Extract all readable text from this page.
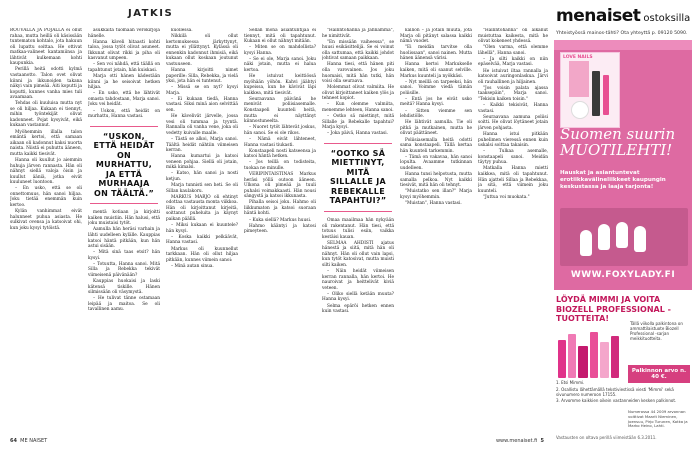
JATKIS

ROUVALLA JA POJALLA ei ollut rahaa, mutta heillä oli käsissään tuntematon kohtalo, jota hakuun oli lupattu soittaa. He ottivat matkaa-valineet kantamiinsa ja lähtivät kulkemaan kohti kaupunkia.

Perillä heitä odotti kylmä vastaanotto. Talon ovet olivat kiinni ja ikkunoiden takana näkyi vain pimeää. Äiti koputti ja koputti, kunnes vanha mies tuli avaamaan.

Tehdas oli kuuluisa mutta nyt se oli hiljaa. Kukaan ei tiennyt, mihin työntekijät olivat kadonneet. Pojat kysyivät, eikä kukaan vastannut.

Myöhemmin illalla talon emäntä kertoi, että samaan aikaan oli kadonnut kaksi nuorta naista. Niistä ei puhuttu ääneen, mutta kaikki tiesivät.

Hanna oli kuullut jo aiemmin huhuja järven rannasta. Hän oli nähnyt siellä valoja öisin ja kuullut ääniä, jotka eivät kuuluneet luontoon.

– En usko, että se oli onnettomuus, hän sanoi hiljaa. Joku tietää enemmän kuin kertoo.

Kylän vanhimmat eivät halunneet puhua asiasta. He sulkivat ovensa ja katsoivat ohi, kun joku kysyi tytöistä.

asukkaita tuomaan verokirjoja hänelle.

Hanna käveli hitaasti kohti taloa, jossa tytöt olivat asuneet. Ikkunat olivat rikki ja piha oli kasvanut umpeen.

– Sen voi nähdä, että täällä on tapahtunut jotain, hän kuiskasi.

Marja otti hänen kädestään kiinni ja he seisoivat hetken hiljaa.

– En usko, että he lähtivät omasta tahdostaan, Marja sanoi. Joku vei heidät.

– Uskon, että heidät on murhattu, Hanna vastasi.

“USKON, ETTÄ HEIDÄT ON MURHATTU, JA ETTÄ MURHAAJA ON TÄÄLTÄ.”

mentä kotiaan ja kirjoitti kaiken muistiin. Hän halusi, että joku muistaisi tytöt.

Aamulla hän heräsi varhain ja lähti uudelleen kylälle. Kauppias katsoi häntä pitkään, kun hän astui sisään.

– Mitä sinä taas etsit? hän kysyi.

– Totuutta, Hanna sanoi. Mitä Silla ja Rebekka tekivät viimeisenä päivänään?

Kauppias huokaisi ja laski kätensä tiskille. Hänen silmissään oli väsymystä.

– He tulivat tänne ostamaan leipää ja maitoa. Se oli tavallinen aamu.

kuollessa.

Nikkilä oli ollut kertomuksessa järkyttynyt, mutta ei yllättynyt. Kylässä oli ennenkin kadonnut ihmisiä, eikä kukaan ollut koskaan joutunut vastuuseen.

Hanna kirjoitti nimet paperille: Silla, Rebekka, ja vielä yksi, jota hän ei tuntenut.

– Missä se on nyt? kysyi Marja.

– Ei kukaan tiedä, Hanna vastasi. Siksi minä aion selvittää sen.

He kävelivät järvelle, jossa vesi oli tummaa ja tyyntä. Rannalla oli vanha vene, joka oli vedetty kuivalle maalle.

– Tästä se alkoi, Marja sanoi. Täältä heidät nähtiin viimeisen kerran.

Hanna kumartui ja katsoi veneen pohjaa. Siellä oli jotain, mikä kimalsi.

– Katso, hän sanoi ja nosti ketjun.

Marja tunnisti sen heti. Se oli Sillan kaulakoru.

MARKUS MARJO oli ehtinyt odottaa vastausta monta viikkoa. Hän oli kirjoittanut kirjeitä, soittanut puheluita ja käynyt paikan päällä.

– Miksi kukaan ei kuuntele? hän kysyi.

– Koska kaikki pelkäävät, Hanna vastasi.

Markus oli kuunnellut tarkkaan. Hän oli ollut hiljaa pitkään, kunnes viimein sanoi:

– Minä autan sinua.

Sellan mona asiantuntijaa ei tiennyt, mitä oli tapahtunut. Kukaan ei ollut nähnyt mitään.

– Miten se on mahdollista? kysyi Hanna.

– Se ei ole, Marja sanoi. Joku näki jotain, mutta ei halua kertoa.

He istuivat keittiössä myöhään yöhön. Kahvi jäähtyi kupeissa, kun he kävivät läpi kaikkea, mitä tiesivät.

Seuraavana päivänä he menivät poliisiasemalle. Konstaapeli kuunteli heitä, mutta ei näyttänyt kiinnostuneelta.

– Nuoret tytöt lähtevät joskus, hän sanoi. Se ei ole rikos.

– Nämä eivät lähteneet, Hanna vastasi tiukasti.

Konstaapeli nosti katseensa ja katsoi häntä hetken.

– Jos teillä on todisteita, tuokaa ne minulle.

VERIPINTAISTINAS Markus heräsi yöllä outoon ääneen. Ulkona oli pimeää ja tuuli puhalsi voimakkaasti. Hän nousi sängystä ja katsoi ikkunasta.

Pihalla seisoi joku. Hahmo oli liikkumaton ja katsoi suoraan häntä kohti.

– Kuka siellä? Markus huusi.

Hahmo kääntyi ja katosi pimeyteen.

"Hallintohanna ja Jahnamma", he nimittivät.

"En missään vaiheessa", se huusi esikäsittelijä. Se ei voinut olla sattumaa, että kaikki johdot johtivat samaan paikkaan.

Hanna tiesi, että hänen piti olla varovainen. Jos joku huomaisi, mitä hän tutki, hän voisi olla seuraava.

Molemmat olivat valmiita. He olivat kirjoittaneet kaiken ylös ja tehneet kopiot.

– Kun olemme valmiita, menemme lehteen, Hanna sanoi.

– Ootko sä miettinyt, mitä Sillalle ja Rebekalle tapahtui? Marja kysyi.

– Joka päivä, Hanna vastasi.

“OOTKO SÄ MIETTINYT, MITÄ SILLALLE JA REBEKALLE TAPAHTUI?”

Omaa maailmaa hän nykyään oli rakentanut. Hän tiesi, että totuus tulisi esiin, vaikka kestäisi kauan.

SELMAA AHDISTI ajatus hänestä ja siitä, mitä hän oli nähnyt. Hän oli ollut vain lapsi, kun tytöt katosivat, mutta muisti silti kaiken.

– Näin heidät viimeisen kerran rannalla, hän kertoi. He nauroivat ja heittelivät kiviä veteen.

– Oliko siellä ketään muuta? Hanna kysyi.

Selma epäröi hetken ennen kuin vastasi.

kallion – ja jotain muuta, jota Marja oli pitänyt salassa kaikki nämä vuodet.

"Ei meidän tarvitse olla huolissaan", sanoi nainen. Mutta hänen äänensä värisi.

Hanna kertoi Markukselle kaiken, mitä oli saanut selville. Markus kuunteli ja nyökkäsi.

– Nyt meillä on tarpeeksi, hän sanoi. Voimme viedä tämän poliisille.

– Entä jos he eivät usko meitä? Hanna kysyi.

– Sitten viemme sen lehdistölle.

He lähtivät aamulla. Tie oli pitkä ja mutkainen, mutta he olivat päättäneet.

Poliisiasemalla heitä odotti sama konstaapeli. Tällä kertaa hän kuunteli tarkemmin.

– Tämä on vakavaa, hän sanoi lopulta. Avaamme tutkinnan uudelleen.

Hanna tunsi helpotusta, mutta samalla pelkoa. Nyt kaikki tiesivät, mitä hän oli tehnyt.

"Muistatko sen illan?" Marja kysyi myöhemmin.

"Muistan", Hanna vastasi.

"Hallintohanna" oli alkanut muistuttaa kaikesta, mitä he olivat kokeneet yhdessä.

"Olen varma, että olemme lähellä", Hanna sanoi.

– Ja silti kaikki on niin epäselvää, Marja vastasi.

He istuivat iltaa rannalla ja katsoivat auringonlaskua. Järvi oli rauhallinen ja hiljainen.

"Jos voisin palata ajassa taaksepäin", Marja sanoi. "Tekisin kaiken toisin."

– Kaikki tekisivät, Hanna vastasi.

Seuraavana aamuna poliisi soitti. He olivat löytäneet jotain järven pohjasta.

Hanna istui pitkään puhelimen vieressä ennen kuin uskalsi soittaa takaisin.

– Tulkaa asemalle, konstaapeli sanoi. Meidän täytyy puhua.

Matkalla Hanna mietti kaikkea, mitä oli tapahtunut. Hän ajatteli Sillaa ja Rebekkaa, ja sitä, että viimein joku kuunteli.

"Juttua voi muokata."

64 ME NAISET	www.menaiset.fi 5
menaiset ostoksilla
Yhteistyössä mainos-tähti? Ota yhteyttä p. 09120 5090.
LOVE NAILS
Suomen suurin MUOTILEHTI!
Hauskat ja asiantuntevat erotiikkavälineliikkeet kaupungin keskustassa ja laaja tarjonta!
WWW.FOXYLADY.FI
LÖYDÄ MIMMI JA VOITA BIOZELL PROFESSIONAL -TUOTTEITA!
Tällä viikolla palkintona on ammattilaistuote Biozell Professional -sarjan meikkituotteita.
Palkinnon arvo n. 40 €.

1. Etsi Mimmi.

2. Osallistu lähettämällä tekstiviestissä viesti 'Mimmi' sekä sivunumero numeroon 17155.

3. Arvomme kaikkien oikein vastanneiden kesken palkinnot.

Numerossa 44 2009 arvonnan voittivat Maarit Nieminen, Joensuu, Pirjo Turunen, Kotka ja Marko Heino, Lahti.
Vastausten on oltava perillä viimeistään 6.3.2011.
